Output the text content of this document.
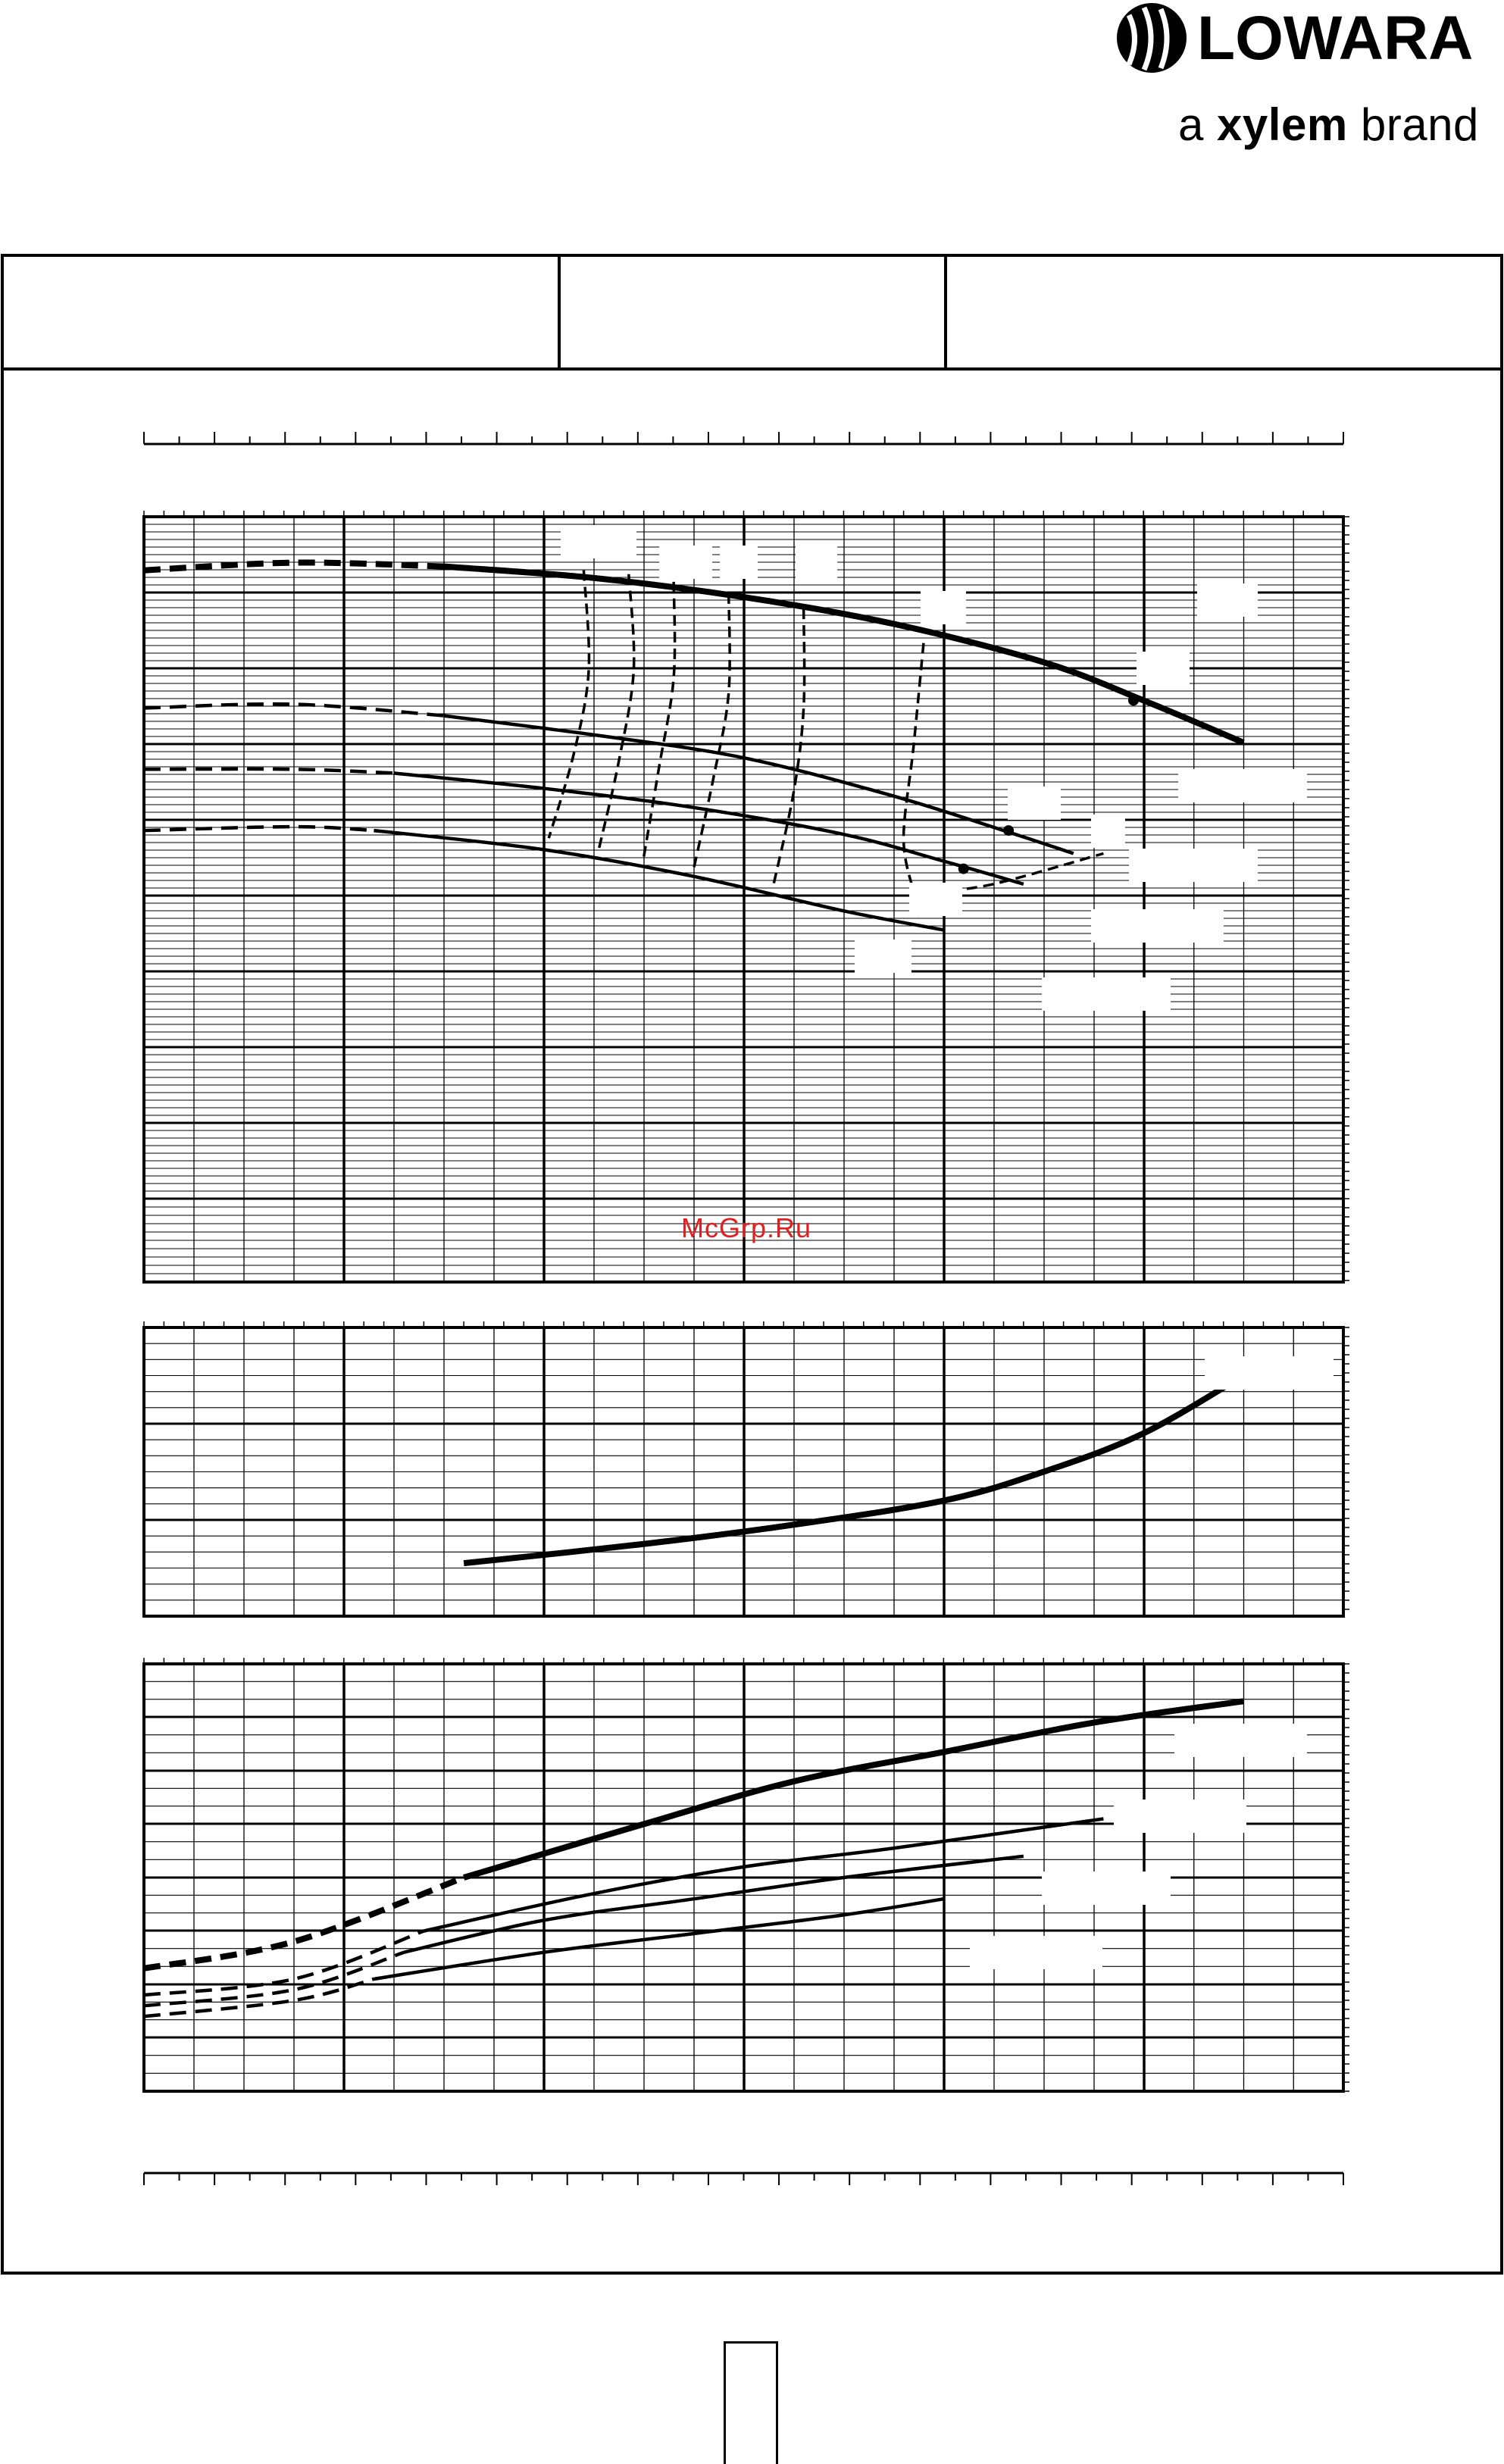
LOWARA
a xylem brand
McGrp.Ru
